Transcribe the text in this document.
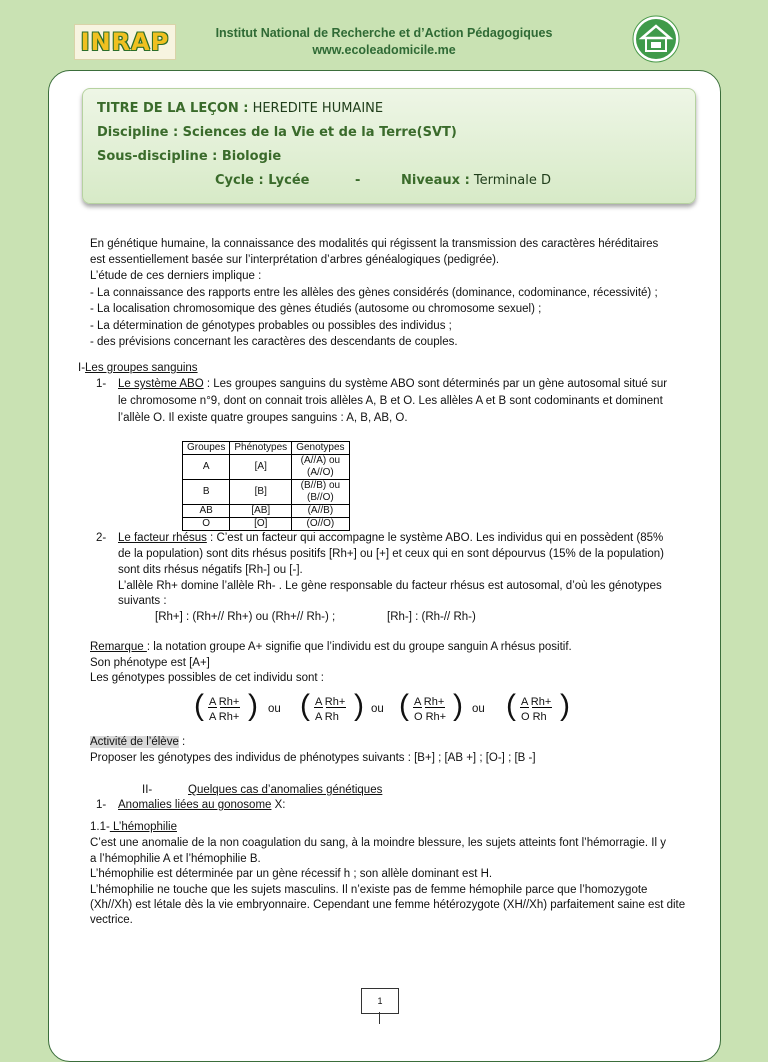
INRAP	Institut National de Recherche et d’Action Pédagogiques
www.ecoleadomicile.me
TITRE DE LA LEÇON : HEREDITE HUMAINE
Discipline : Sciences de la Vie et de la Terre(SVT)
Sous-discipline : Biologie
Cycle : Lycée	-	Niveaux : Terminale D
En génétique humaine, la connaissance des modalités qui régissent la transmission des caractères héréditaires
est essentiellement basée sur l’interprétation d’arbres généalogiques (pedigrée).
L’étude de ces derniers implique :
- La connaissance des rapports entre les allèles des gènes considérés (dominance, codominance, récessivité) ;
- La localisation chromosomique des gènes étudiés (autosome ou chromosome sexuel) ;
- La détermination de génotypes probables ou possibles des individus ;
- des prévisions concernant les caractères des descendants de couples.
I-Les groupes sanguins
1- Le système ABO : Les groupes sanguins du système ABO sont déterminés par un gène autosomal situé sur
le chromosome n°9, dont on connait trois allèles A, B et O. Les allèles A et B sont codominants et dominent
l’allèle O. Il existe quatre groupes sanguins : A, B, AB, O.
Groupes	Phénotypes	Genotypes
A	[A]	(A//A) ou (A//O)
B	[B]	(B//B) ou (B//O)
AB	[AB]	(A//B)
O	[O]	(O//O)
2- Le facteur rhésus : C’est un facteur qui accompagne le système ABO. Les individus qui en possèdent (85%
de la population) sont dits rhésus positifs [Rh+] ou [+] et ceux qui en sont dépourvus (15% de la population)
sont dits rhésus négatifs [Rh-] ou [-].
L’allèle Rh+ domine l’allèle Rh- . Le gène responsable du facteur rhésus est autosomal, d’où les génotypes
suivants :
[Rh+] : (Rh+// Rh+) ou (Rh+// Rh-) ;	[Rh-] : (Rh-// Rh-)
Remarque : la notation groupe A+ signifie que l’individu est du groupe sanguin A rhésus positif.
Son phénotype est [A+]
Les génotypes possibles de cet individu sont :
( A Rh+
A Rh+ ) ou ( A Rh+
A Rh ) ou ( A Rh+
O Rh+ ) ou ( A Rh+
O Rh )
Activité de l’élève :
Proposer les génotypes des individus de phénotypes suivants : [B+] ; [AB +] ; [O-] ; [B -]
II-	Quelques cas d’anomalies génétiques
1- Anomalies liées au gonosome X:
1.1- L’hémophilie
C’est une anomalie de la non coagulation du sang, à la moindre blessure, les sujets atteints font l’hémorragie. Il y
a l’hémophilie A et l’hémophilie B.
L’hémophilie est déterminée par un gène récessif h ; son allèle dominant est H.
L’hémophilie ne touche que les sujets masculins. Il n’existe pas de femme hémophile parce que l’homozygote
(Xh//Xh) est létale dès la vie embryonnaire. Cependant une femme hétérozygote (XH//Xh) parfaitement saine est dite
vectrice.
1
